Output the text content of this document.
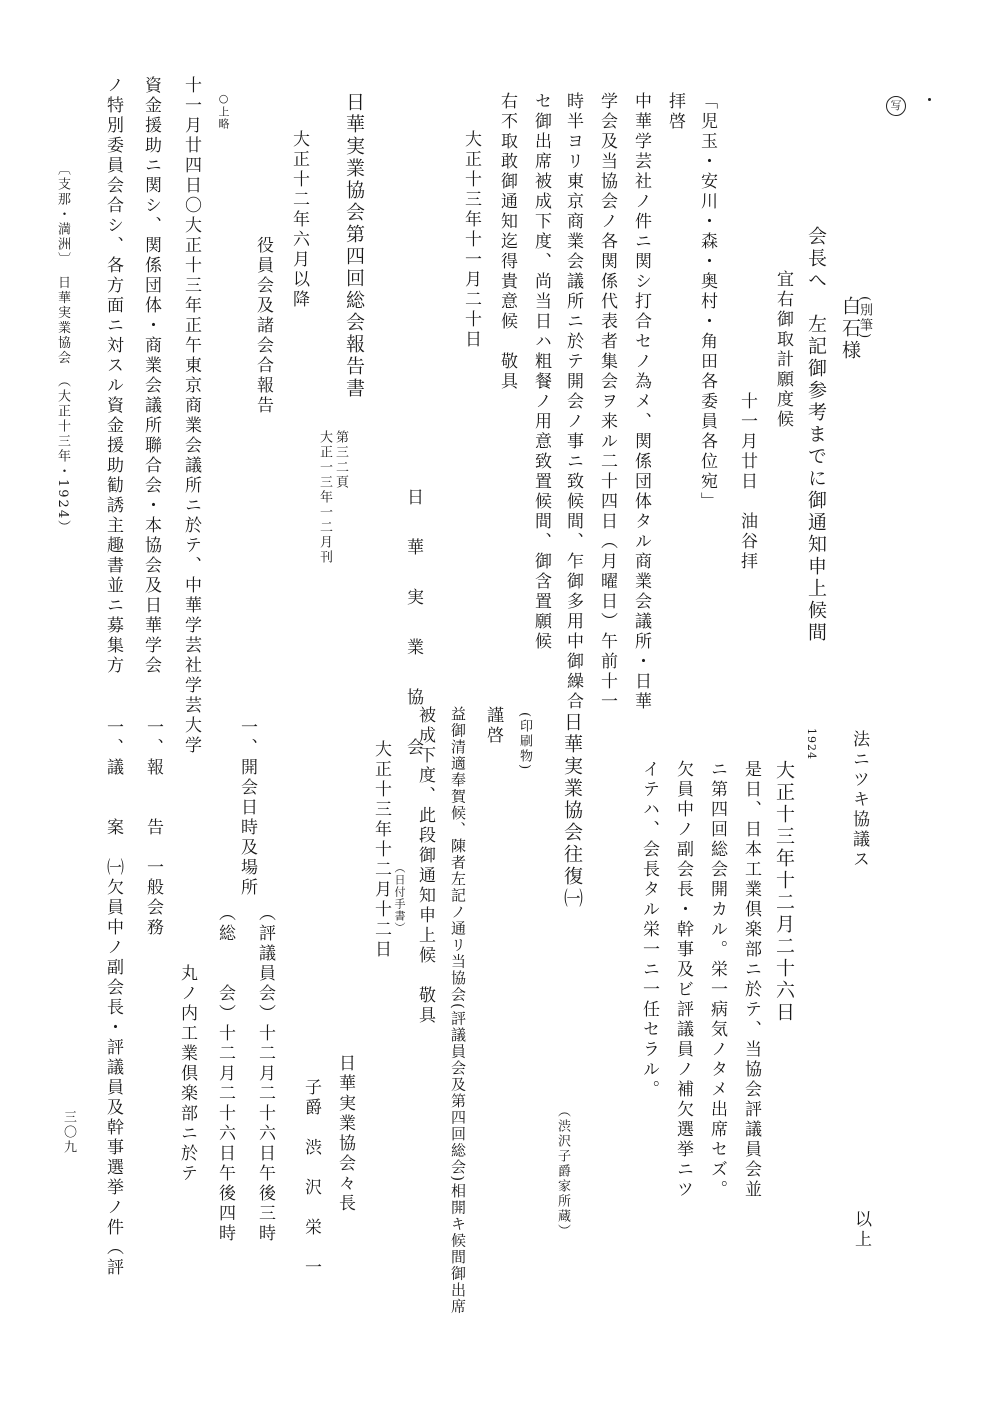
写
(別筆)
白石様
会長へ　左記御参考までに御通知申上候間
宜右御取計願度候
十一月廿日　油谷拝
「児玉・安川・森・奥村・角田各委員各位宛」
拝啓
中華学芸社ノ件ニ関シ打合セノ為メ、関係団体タル商業会議所・日華
学会及当協会ノ各関係代表者集会ヲ来ル二十四日（月曜日）午前十一
時半ヨリ東京商業会議所ニ於テ開会ノ事ニ致候間、乍御多用中御繰合
セ御出席被成下度、尚当日ハ粗餐ノ用意致置候間、御含置願候
右不取敢御通知迄得貴意候　敬具
大正十三年十一月二十日
日　華　実　業　協　会
日華実業協会第四回総会報告書
第三二頁
大正一三年一二月刊
大正十二年六月以降
役員会及諸会合報告
○上略
十一月廿四日〇大正十三年正午東京商業会議所ニ於テ、中華学芸社学芸大学
資金援助ニ関シ、関係団体・商業会議所聯合会・本協会及日華学会
ノ特別委員会合シ、各方面ニ対スル資金援助勧誘主趣書並ニ募集方
〔支那・満洲〕　日華実業協会　（大正十三年・1924）
法ニツキ協議ス
以上
1924
大正十三年十二月二十六日
是日、日本工業倶楽部ニ於テ、当協会評議員会並
ニ第四回総会開カル。栄一病気ノタメ出席セズ。
欠員中ノ副会長・幹事及ビ評議員ノ補欠選挙ニツ
イテハ、会長タル栄一ニ一任セラル。
日華実業協会往復㈠
（渋沢子爵家所蔵）
(印刷物)
謹啓
益御清適奉賀候、陳者左記ノ通リ当協会(評議員会及第四回総会)相開キ候間御出席
被成下度、此段御通知申上候　敬具
（日付手書）
大正十三年十二月十二日
日華実業協会々長
子爵　渋　沢　栄　一
一、開会日時及場所
（評議員会）十二月二十六日午後三時
（総　　会）十二月二十六日午後四時
丸ノ内工業倶楽部ニ於テ
一、報　　告　一般会務
一、議　　案　㈠欠員中ノ副会長・評議員及幹事選挙ノ件（評
三〇九
